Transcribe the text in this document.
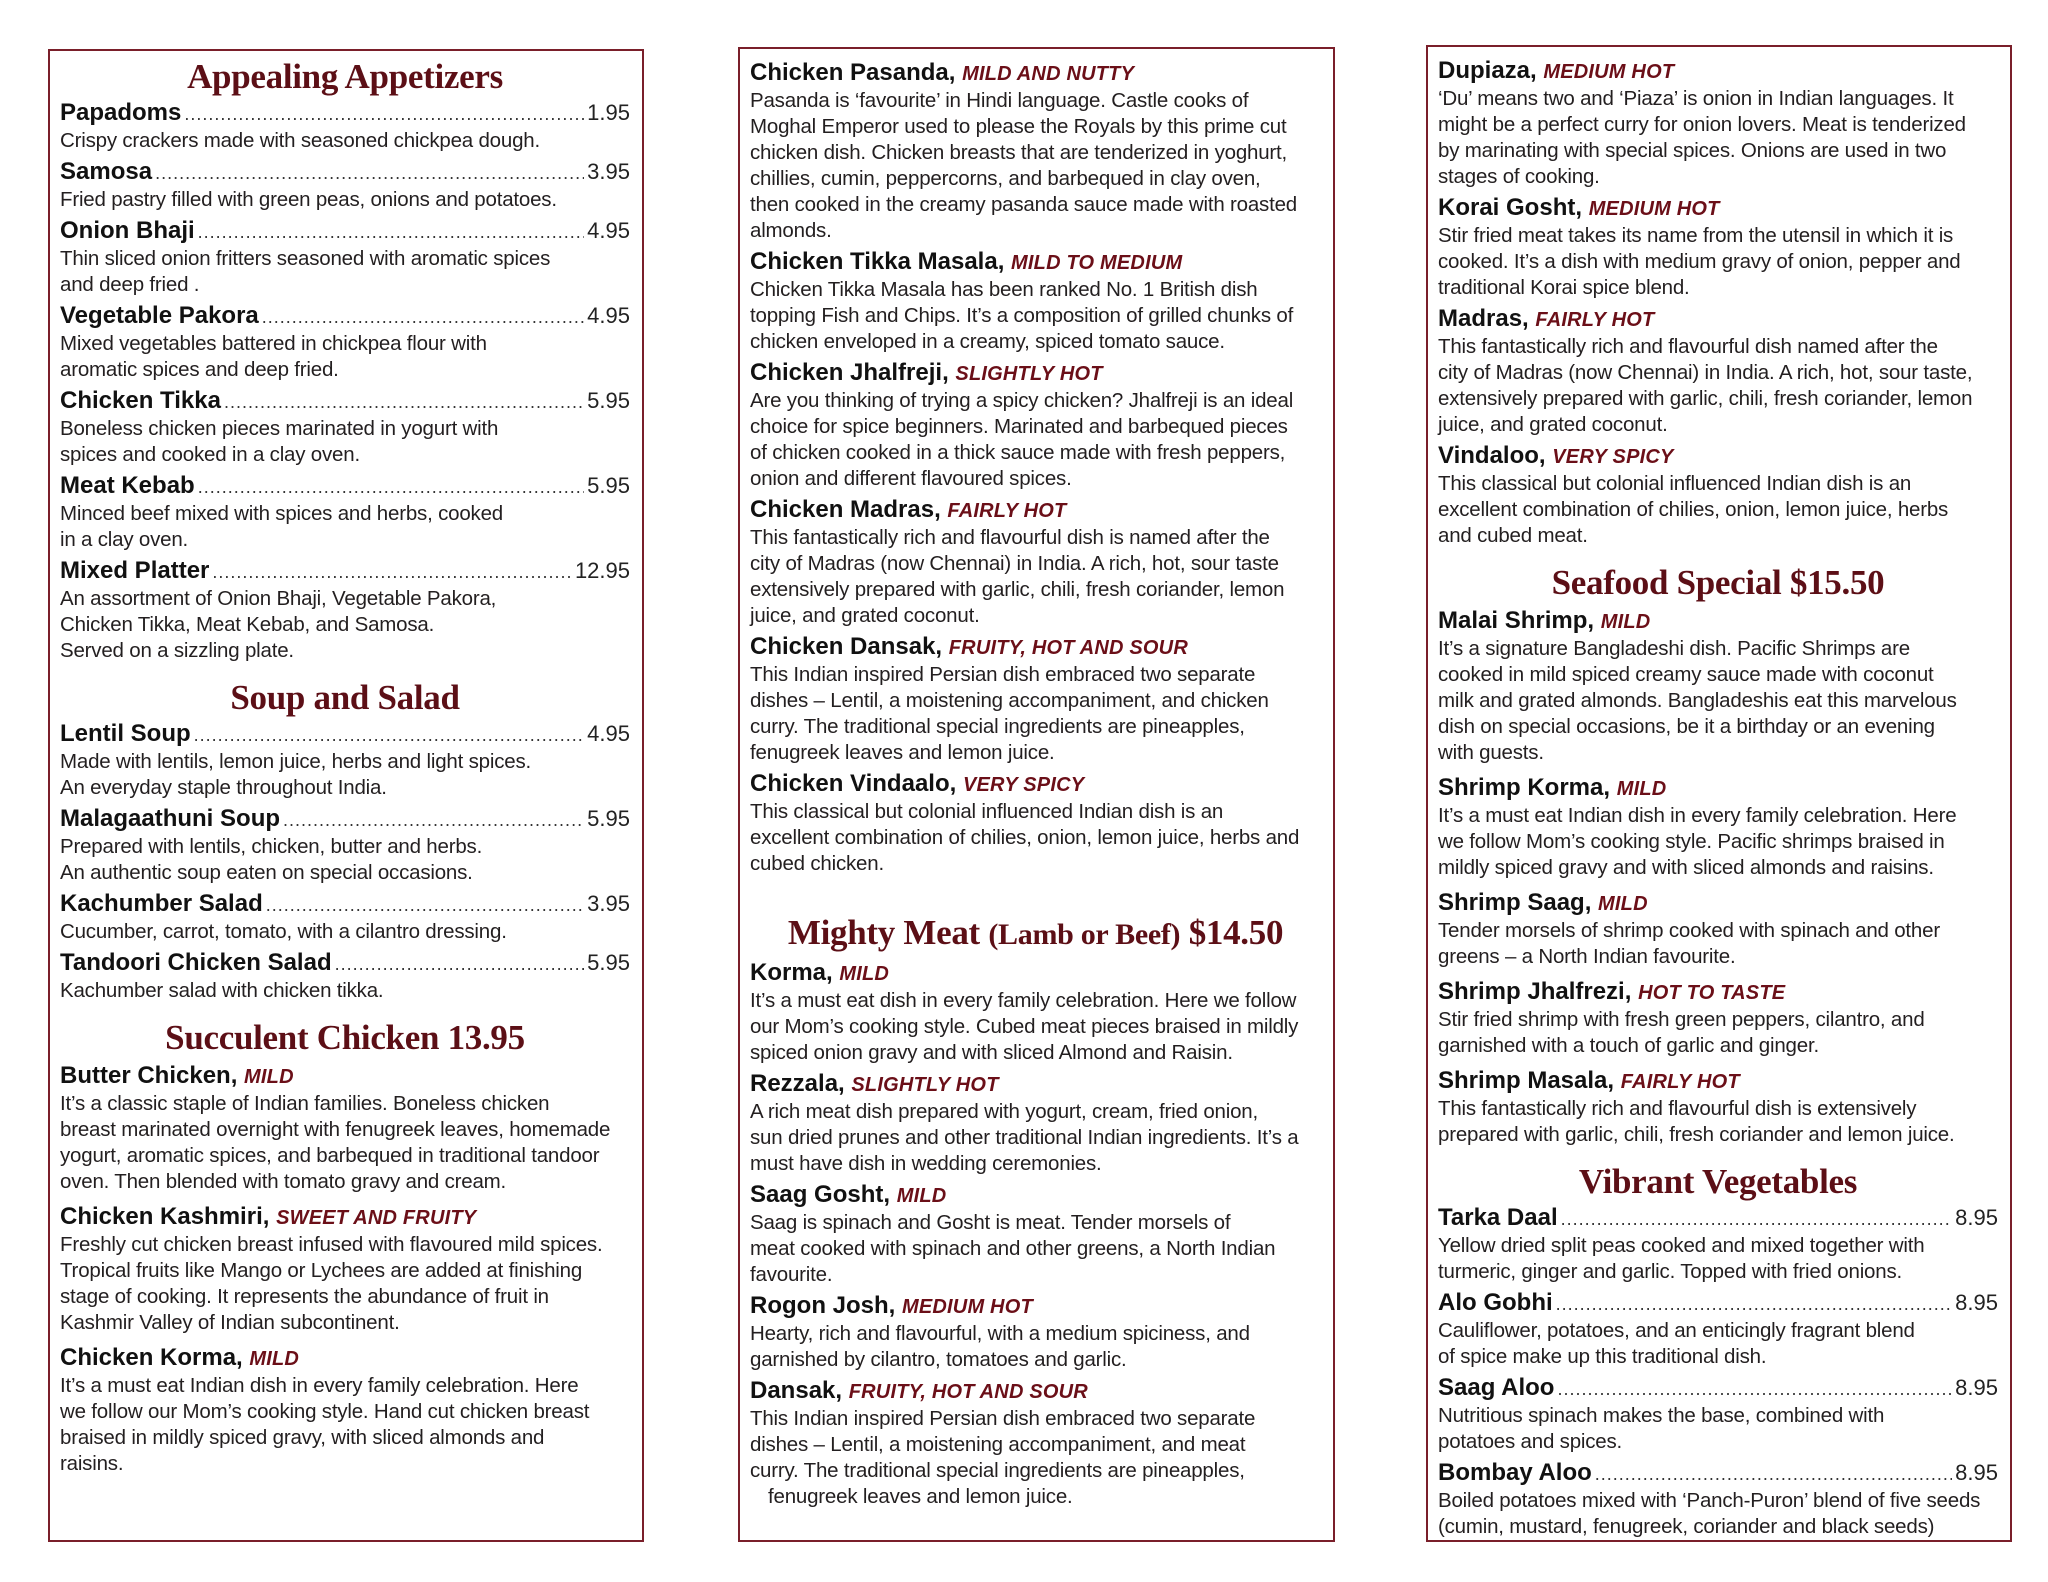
Appealing Appetizers
Papadoms .....	1.95

Crispy crackers made with seasoned chickpea dough.

Samosa .....	3.95

Fried pastry filled with green peas, onions and potatoes.

Onion Bhaji .....	4.95

Thin sliced onion fritters seasoned with aromatic spices

and deep fried .

Vegetable Pakora .....	4.95

Mixed vegetables battered in chickpea flour with

aromatic spices and deep fried.

Chicken Tikka .....	5.95

Boneless chicken pieces marinated in yogurt with

spices and cooked in a clay oven.

Meat Kebab .....	5.95

Minced beef mixed with spices and herbs, cooked

in a clay oven.

Mixed Platter .....	12.95

An assortment of Onion Bhaji, Vegetable Pakora,

Chicken Tikka, Meat Kebab, and Samosa.

Served on a sizzling plate.

Soup and Salad
Lentil Soup .....	4.95

Made with lentils, lemon juice, herbs and light spices.

An everyday staple throughout India.

Malagaathuni Soup .....	5.95

Prepared with lentils, chicken, butter and herbs.

An authentic soup eaten on special occasions.

Kachumber Salad .....	3.95

Cucumber, carrot, tomato, with a cilantro dressing.

Tandoori Chicken Salad .....	5.95

Kachumber salad with chicken tikka.

Succulent Chicken 13.95
Butter Chicken, MILD

It’s a classic staple of Indian families. Boneless chicken

breast marinated overnight with fenugreek leaves, homemade

yogurt, aromatic spices, and barbequed in traditional tandoor

oven. Then blended with tomato gravy and cream.

Chicken Kashmiri, SWEET AND FRUITY

Freshly cut chicken breast infused with flavoured mild spices.

Tropical fruits like Mango or Lychees are added at finishing

stage of cooking. It represents the abundance of fruit in

Kashmir Valley of Indian subcontinent.

Chicken Korma, MILD

It’s a must eat Indian dish in every family celebration. Here

we follow our Mom’s cooking style. Hand cut chicken breast

braised in mildly spiced gravy, with sliced almonds and

raisins.

Chicken Pasanda, MILD AND NUTTY

Pasanda is ‘favourite’ in Hindi language. Castle cooks of

Moghal Emperor used to please the Royals by this prime cut

chicken dish. Chicken breasts that are tenderized in yoghurt,

chillies, cumin, peppercorns, and barbequed in clay oven,

then cooked in the creamy pasanda sauce made with roasted

almonds.

Chicken Tikka Masala, MILD TO MEDIUM

Chicken Tikka Masala has been ranked No. 1 British dish

topping Fish and Chips. It’s a composition of grilled chunks of

chicken enveloped in a creamy, spiced tomato sauce.

Chicken Jhalfreji, SLIGHTLY HOT

Are you thinking of trying a spicy chicken? Jhalfreji is an ideal

choice for spice beginners. Marinated and barbequed pieces

of chicken cooked in a thick sauce made with fresh peppers,

onion and different flavoured spices.

Chicken Madras, FAIRLY HOT

This fantastically rich and flavourful dish is named after the

city of Madras (now Chennai) in India. A rich, hot, sour taste

extensively prepared with garlic, chili, fresh coriander, lemon

juice, and grated coconut.

Chicken Dansak, FRUITY, HOT AND SOUR

This Indian inspired Persian dish embraced two separate

dishes – Lentil, a moistening accompaniment, and chicken

curry. The traditional special ingredients are pineapples,

fenugreek leaves and lemon juice.

Chicken Vindaalo, VERY SPICY

This classical but colonial influenced Indian dish is an

excellent combination of chilies, onion, lemon juice, herbs and

cubed chicken.

Mighty Meat (Lamb or Beef) $14.50
Korma, MILD

It’s a must eat dish in every family celebration. Here we follow

our Mom’s cooking style. Cubed meat pieces braised in mildly

spiced onion gravy and with sliced Almond and Raisin.

Rezzala, SLIGHTLY HOT

A rich meat dish prepared with yogurt, cream, fried onion,

sun dried prunes and other traditional Indian ingredients. It’s a

must have dish in wedding ceremonies.

Saag Gosht, MILD

Saag is spinach and Gosht is meat. Tender morsels of

meat cooked with spinach and other greens, a North Indian

favourite.

Rogon Josh, MEDIUM HOT

Hearty, rich and flavourful, with a medium spiciness, and

garnished by cilantro, tomatoes and garlic.

Dansak, FRUITY, HOT AND SOUR

This Indian inspired Persian dish embraced two separate

dishes – Lentil, a moistening accompaniment, and meat

curry. The traditional special ingredients are pineapples,

fenugreek leaves and lemon juice.

Dupiaza, MEDIUM HOT

‘Du’ means two and ‘Piaza’ is onion in Indian languages. It

might be a perfect curry for onion lovers. Meat is tenderized

by marinating with special spices. Onions are used in two

stages of cooking.

Korai Gosht, MEDIUM HOT

Stir fried meat takes its name from the utensil in which it is

cooked. It’s a dish with medium gravy of onion, pepper and

traditional Korai spice blend.

Madras, FAIRLY HOT

This fantastically rich and flavourful dish named after the

city of Madras (now Chennai) in India. A rich, hot, sour taste,

extensively prepared with garlic, chili, fresh coriander, lemon

juice, and grated coconut.

Vindaloo, VERY SPICY

This classical but colonial influenced Indian dish is an

excellent combination of chilies, onion, lemon juice, herbs

and cubed meat.

Seafood Special $15.50
Malai Shrimp, MILD

It’s a signature Bangladeshi dish. Pacific Shrimps are

cooked in mild spiced creamy sauce made with coconut

milk and grated almonds. Bangladeshis eat this marvelous

dish on special occasions, be it a birthday or an evening

with guests.

Shrimp Korma, MILD

It’s a must eat Indian dish in every family celebration. Here

we follow Mom’s cooking style. Pacific shrimps braised in

mildly spiced gravy and with sliced almonds and raisins.

Shrimp Saag, MILD

Tender morsels of shrimp cooked with spinach and other

greens – a North Indian favourite.

Shrimp Jhalfrezi, HOT TO TASTE

Stir fried shrimp with fresh green peppers, cilantro, and

garnished with a touch of garlic and ginger.

Shrimp Masala, FAIRLY HOT

This fantastically rich and flavourful dish is extensively

prepared with garlic, chili, fresh coriander and lemon juice.

Vibrant Vegetables
Tarka Daal .....	8.95

Yellow dried split peas cooked and mixed together with

turmeric, ginger and garlic. Topped with fried onions.

Alo Gobhi .....	8.95

Cauliflower, potatoes, and an enticingly fragrant blend

of spice make up this traditional dish.

Saag Aloo .....	8.95

Nutritious spinach makes the base, combined with

potatoes and spices.

Bombay Aloo .....	8.95

Boiled potatoes mixed with ‘Panch-Puron’ blend of five seeds

(cumin, mustard, fenugreek, coriander and black seeds)
